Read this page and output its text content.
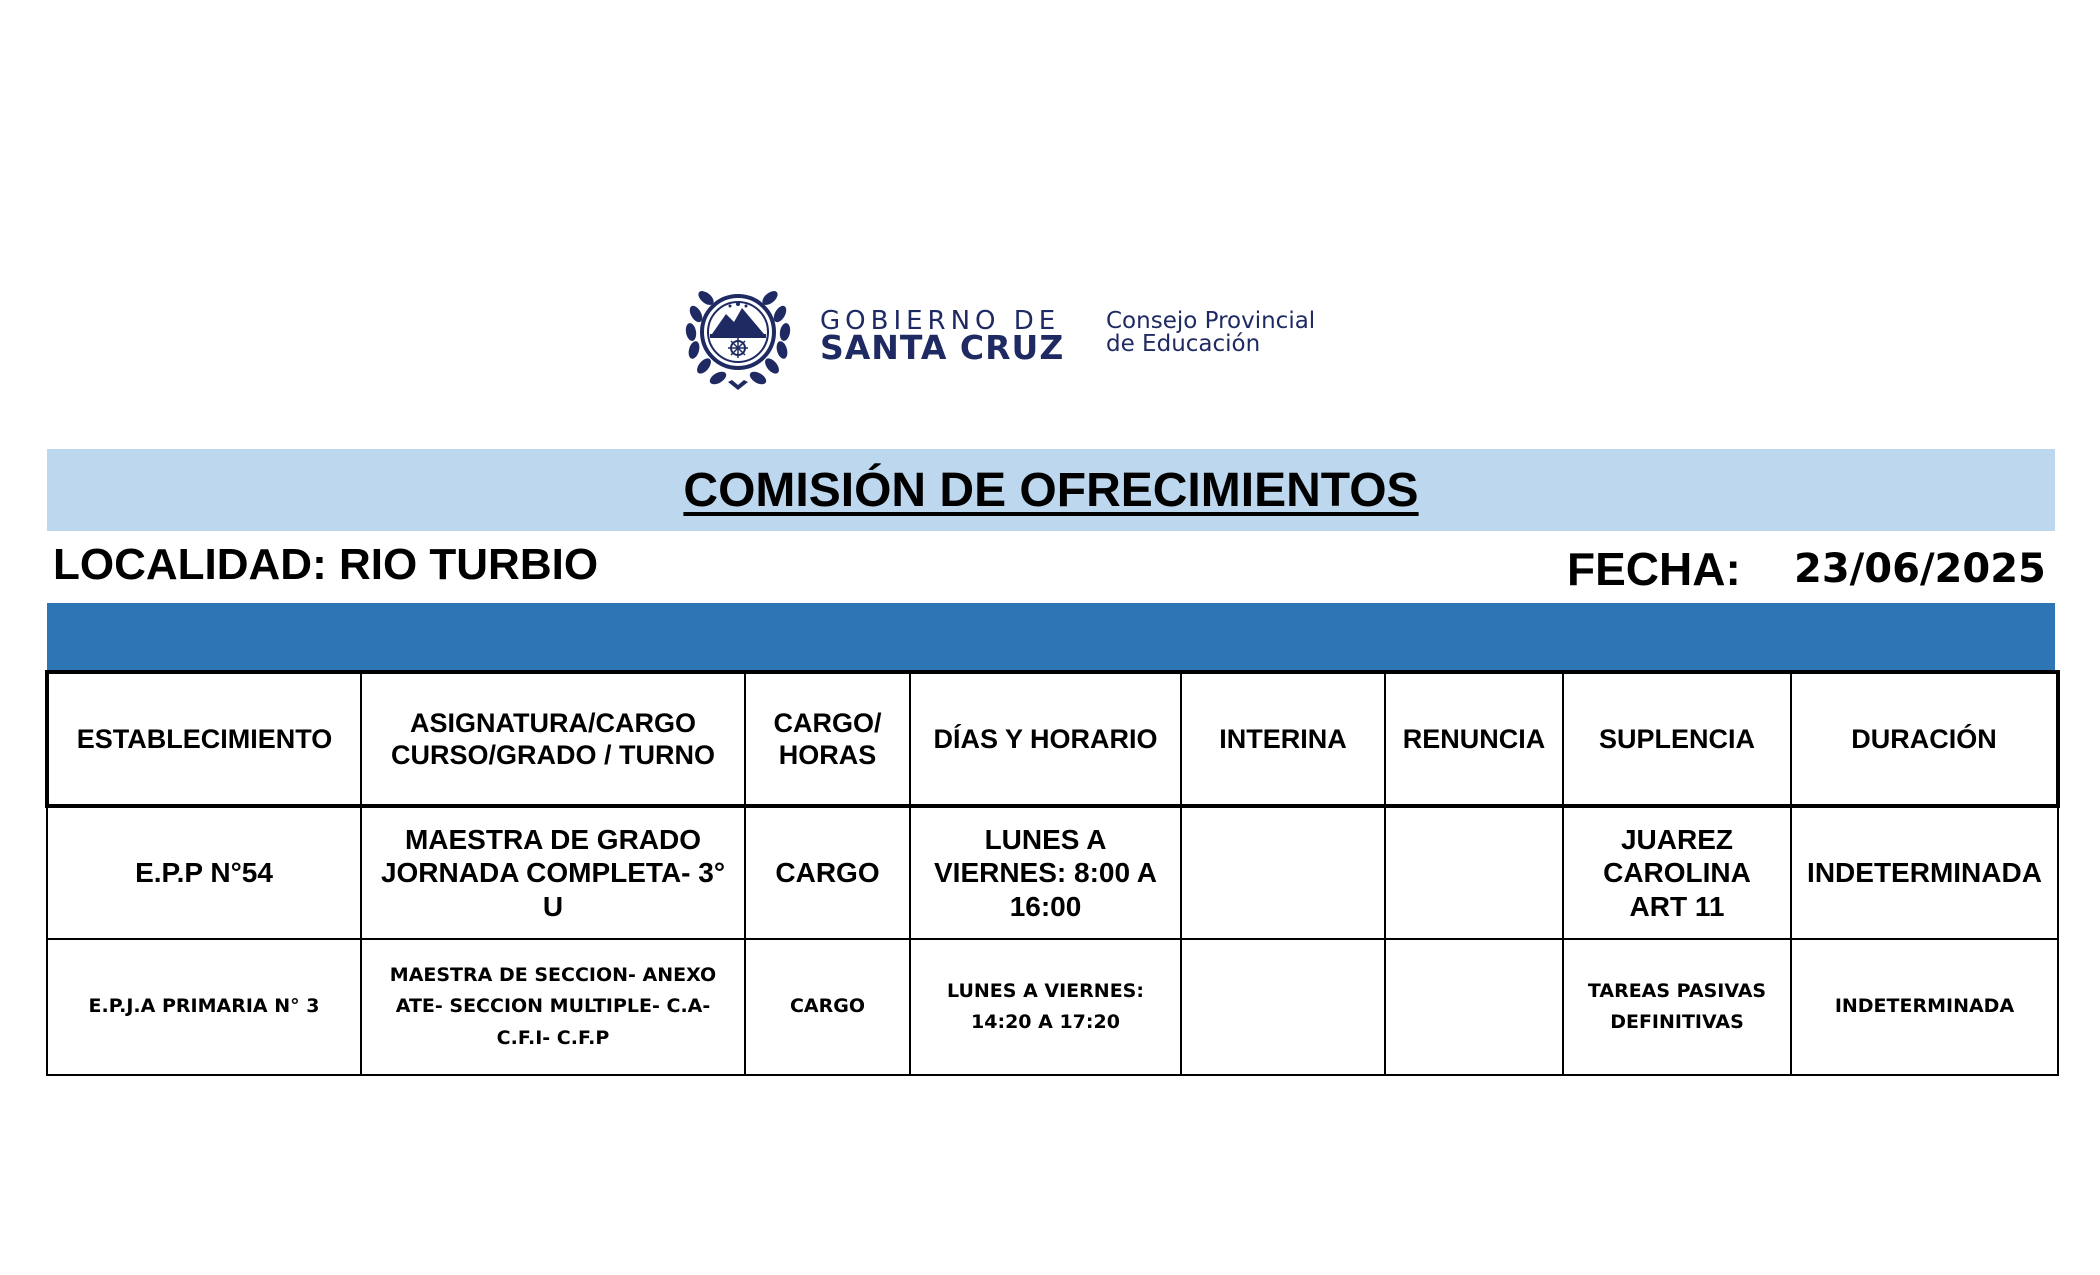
GOBIERNO DE
SANTA CRUZ
Consejo Provincial
de Educación
COMISIÓN DE OFRECIMIENTOS
LOCALIDAD: RIO TURBIO	FECHA: 23/06/2025
ESTABLECIMIENTO	ASIGNATURA/CARGO CURSO/GRADO / TURNO	CARGO/ HORAS	DÍAS Y HORARIO	INTERINA	RENUNCIA	SUPLENCIA	DURACIÓN
E.P.P N°54	MAESTRA DE GRADO JORNADA COMPLETA- 3° U	CARGO	LUNES A VIERNES: 8:00 A 16:00			JUAREZ CAROLINA ART 11	INDETERMINADA
E.P.J.A PRIMARIA N° 3	MAESTRA DE SECCION- ANEXO ATE- SECCION MULTIPLE- C.A- C.F.I- C.F.P	CARGO	LUNES A VIERNES: 14:20 A 17:20			TAREAS PASIVAS DEFINITIVAS	INDETERMINADA
